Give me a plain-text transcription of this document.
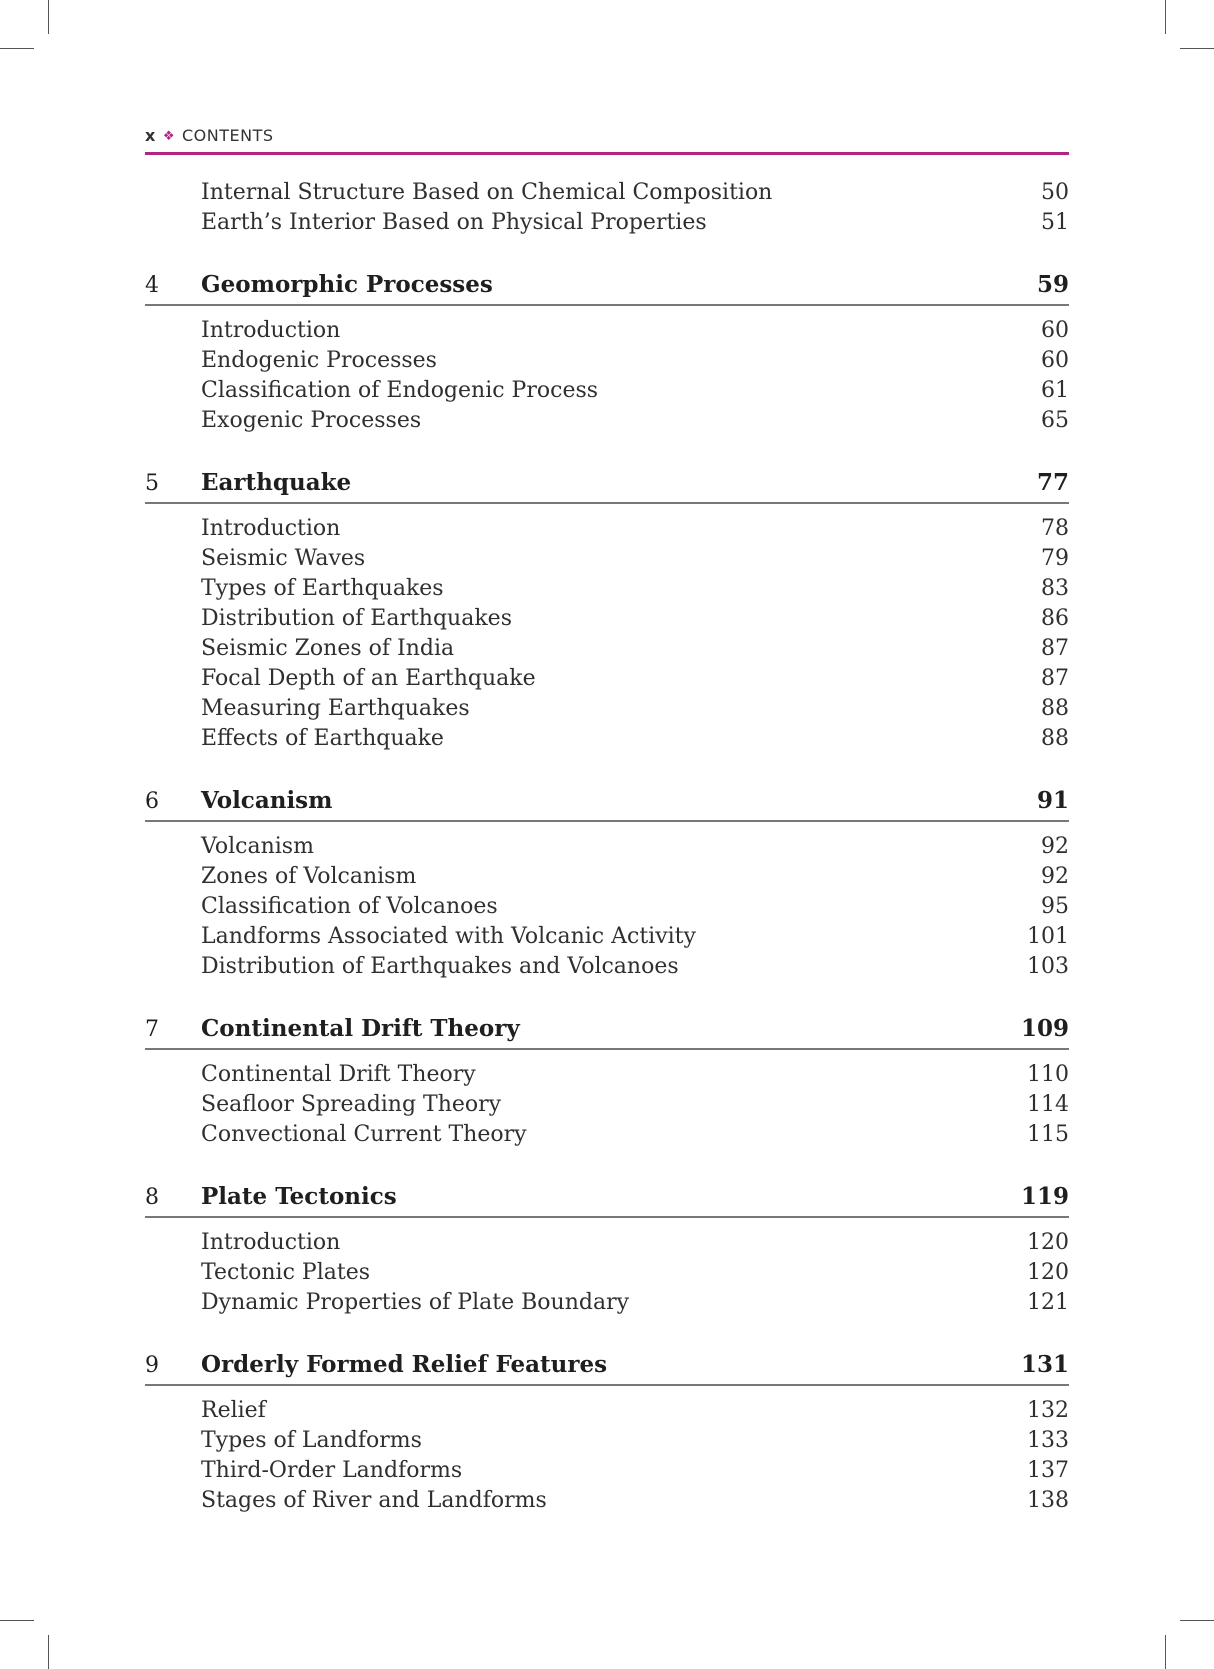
x ❖ CONTENTS
Internal Structure Based on Chemical Composition	50
Earth’s Interior Based on Physical Properties	51
4	Geomorphic Processes	59
Introduction	60
Endogenic Processes	60
Classification of Endogenic Process	61
Exogenic Processes	65
5	Earthquake	77
Introduction	78
Seismic Waves	79
Types of Earthquakes	83
Distribution of Earthquakes	86
Seismic Zones of India	87
Focal Depth of an Earthquake	87
Measuring Earthquakes	88
Effects of Earthquake	88
6	Volcanism	91
Volcanism	92
Zones of Volcanism	92
Classification of Volcanoes	95
Landforms Associated with Volcanic Activity	101
Distribution of Earthquakes and Volcanoes	103
7	Continental Drift Theory	109
Continental Drift Theory	110
Seafloor Spreading Theory	114
Convectional Current Theory	115
8	Plate Tectonics	119
Introduction	120
Tectonic Plates	120
Dynamic Properties of Plate Boundary	121
9	Orderly Formed Relief Features	131
Relief	132
Types of Landforms	133
Third-Order Landforms	137
Stages of River and Landforms	138
